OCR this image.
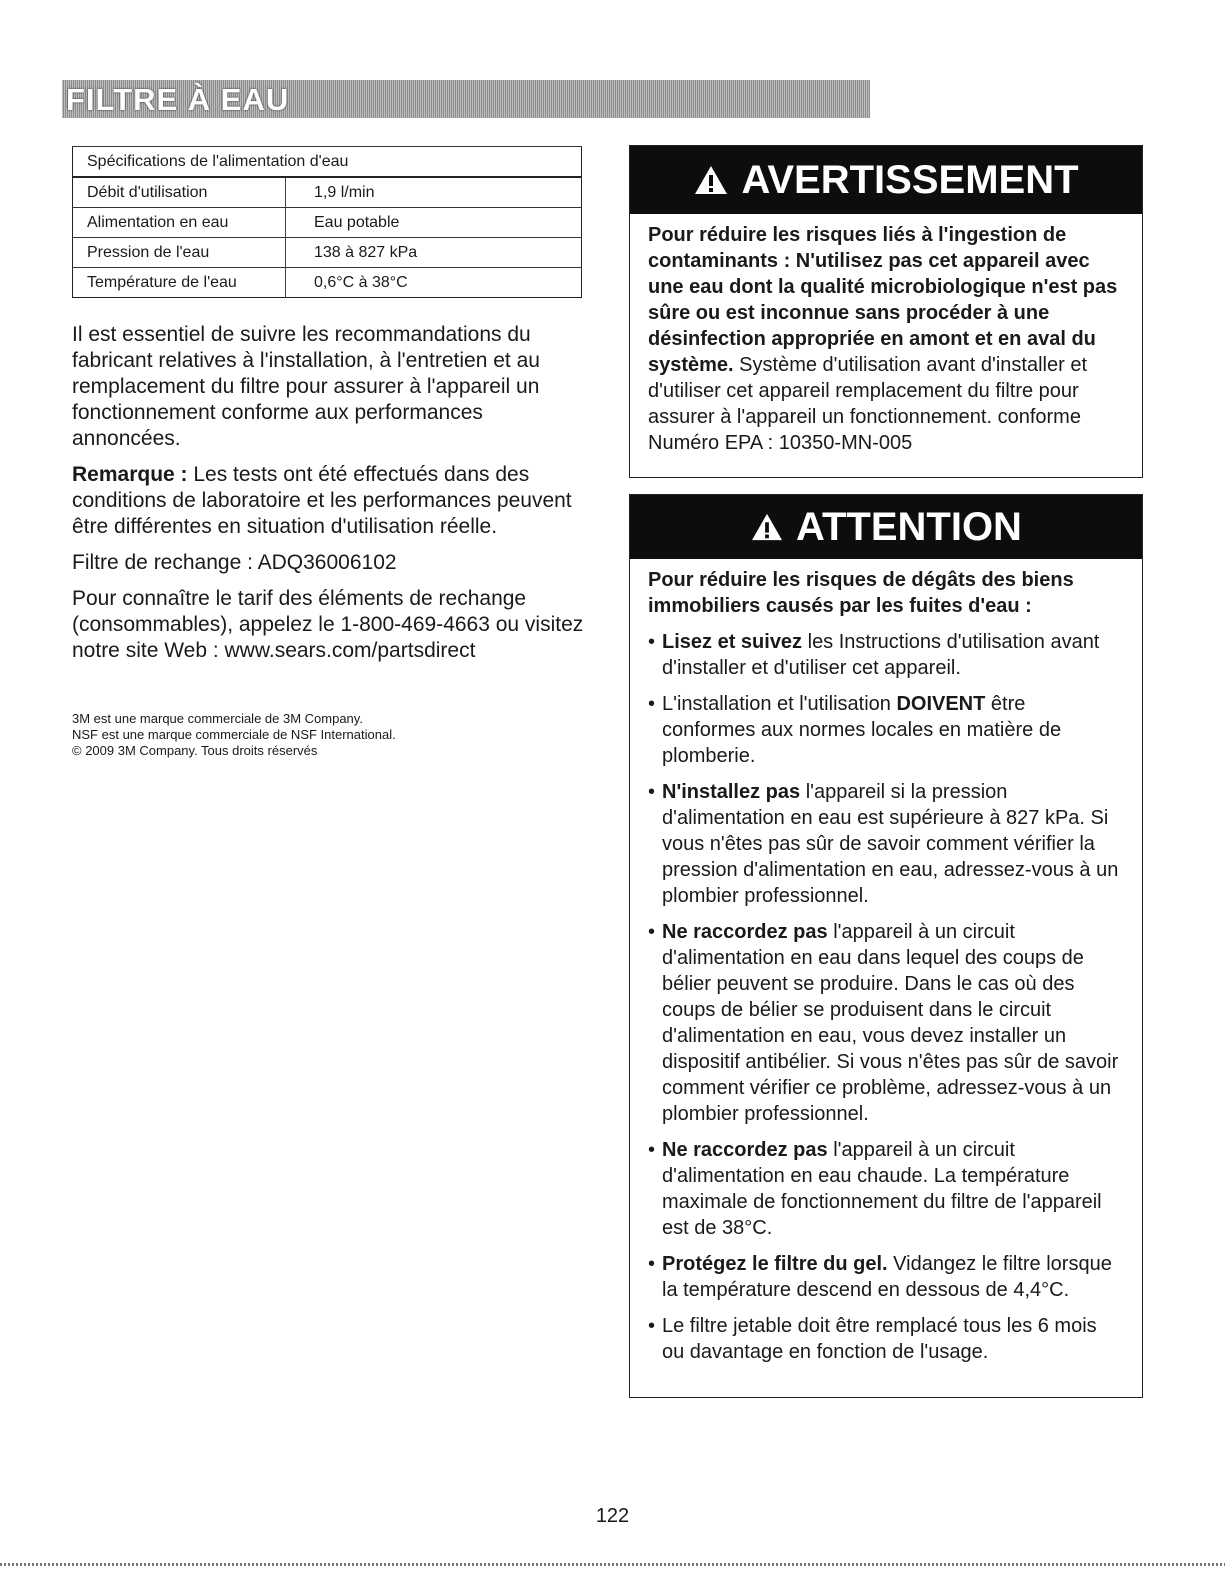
FILTRE À EAU
Spécifications de l'alimentation d'eau	
Débit d'utilisation	1,9 l/min
Alimentation en eau	Eau potable
Pression de l'eau	138 à 827 kPa
Température de l'eau	0,6°C à 38°C

Il est essentiel de suivre les recommandations du fabricant relatives à l'installation, à l'entretien et au remplacement du filtre pour assurer à l'appareil un fonctionnement conforme aux performances annoncées.

Remarque : Les tests ont été effectués dans des conditions de laboratoire et les performances peuvent être différentes en situation d'utilisation réelle.

Filtre de rechange : ADQ36006102

Pour connaître le tarif des éléments de rechange (consommables), appelez le 1-800-469-4663 ou visitez notre site Web : www.sears.com/partsdirect

3M est une marque commerciale de 3M Company.
NSF est une marque commerciale de NSF International.
© 2009 3M Company. Tous droits réservés
AVERTISSEMENT

Pour réduire les risques liés à l'ingestion de contaminants : N'utilisez pas cet appareil avec une eau dont la qualité microbiologique n'est pas sûre ou est inconnue sans procéder à une désinfection appropriée en amont et en aval du système. Système d'utilisation avant d'installer et d'utiliser cet appareil remplacement du filtre pour assurer à l'appareil un fonctionnement. conforme Numéro EPA : 10350-MN-005

ATTENTION

Pour réduire les risques de dégâts des biens immobiliers causés par les fuites d'eau :

• Lisez et suivez les Instructions d'utilisation avant d'installer et d'utiliser cet appareil.
• L'installation et l'utilisation DOIVENT être conformes aux normes locales en matière de plomberie.
• N'installez pas l'appareil si la pression d'alimentation en eau est supérieure à 827 kPa. Si vous n'êtes pas sûr de savoir comment vérifier la pression d'alimentation en eau, adressez-vous à un plombier professionnel.
• Ne raccordez pas l'appareil à un circuit d'alimentation en eau dans lequel des coups de bélier peuvent se produire. Dans le cas où des coups de bélier se produisent dans le circuit d'alimentation en eau, vous devez installer un dispositif antibélier. Si vous n'êtes pas sûr de savoir comment vérifier ce problème, adressez-vous à un plombier professionnel.
• Ne raccordez pas l'appareil à un circuit d'alimentation en eau chaude. La température maximale de fonctionnement du filtre de l'appareil est de 38°C.
• Protégez le filtre du gel. Vidangez le filtre lorsque la température descend en dessous de 4,4°C.
• Le filtre jetable doit être remplacé tous les 6 mois ou davantage en fonction de l'usage.
122
